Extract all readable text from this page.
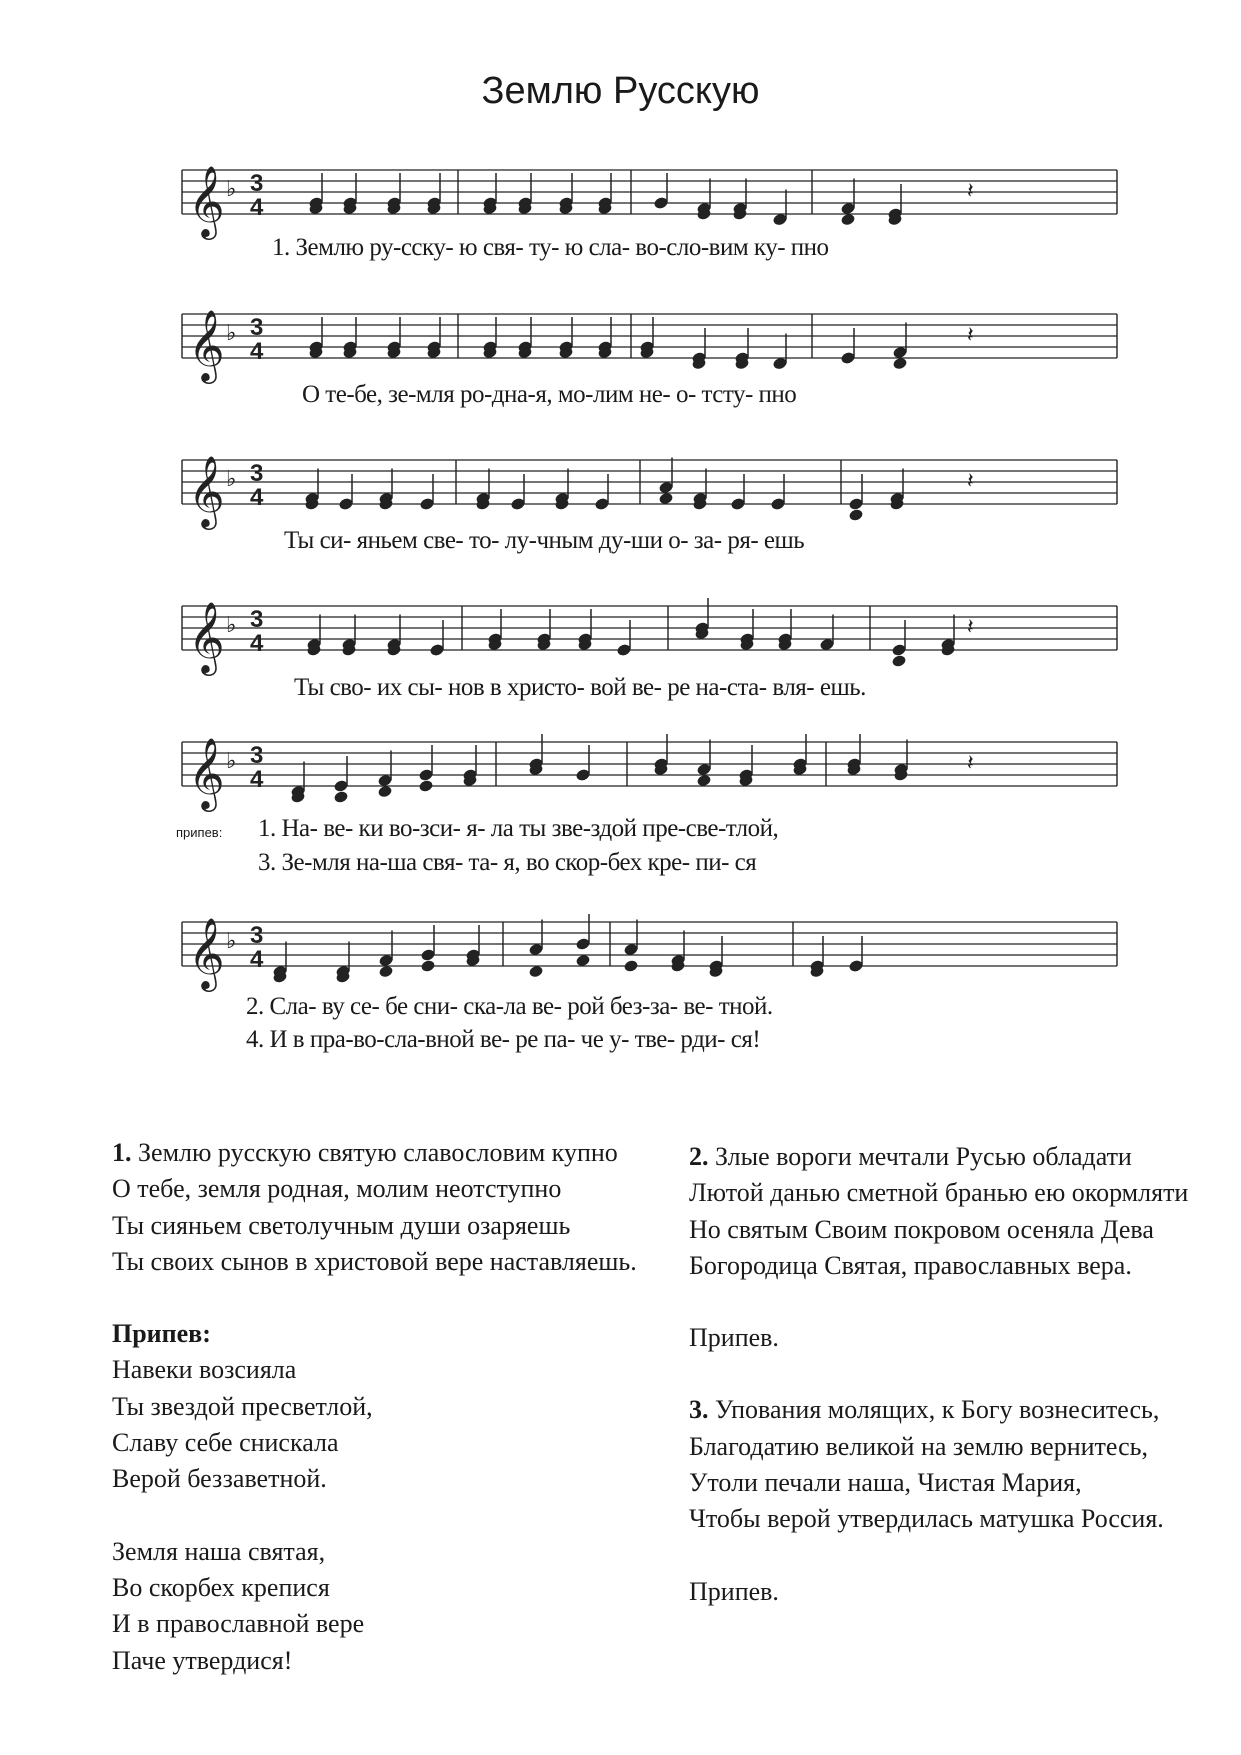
Землю Русскую
𝄞 ♭ 3
4
𝄽
1. Землю ру-сску- ю свя- ту- ю сла- во-сло-вим ку- пно
𝄞 ♭ 3
4
𝄽
О те-бе, зе-мля ро-дна-я, мо-лим не- о- тсту- пно
𝄞 ♭ 3
4
𝄽
Ты си- яньем све- то- лу-чным ду-ши о- за- ря- ешь
𝄞 ♭ 3
4
𝄽
Ты сво- их сы- нов в христо- вой ве- ре на-ста- вля- ешь.
𝄞 ♭ 3
4
𝄽
припев: 1. На- ве- ки во-зси- я- ла ты зве-здой пре-све-тлой,
3. Зе-мля на-ша свя- та- я, во скор-бех кре- пи- ся
𝄞 ♭ 3
4
2. Сла- ву се- бе сни- ска-ла ве- рой без-за- ве- тной.
4. И в пра-во-сла-вной ве- ре па- че у- тве- рди- ся!
1. Землю русскую святую славословим купно
О тебе, земля родная, молим неотступно
Ты сияньем светолучным души озаряешь
Ты своих сынов в христовой вере наставляешь.
Припев:
Навеки возсияла
Ты звездой пресветлой,
Славу себе снискала
Верой беззаветной.
Земля наша святая,
Во скорбех крепися
И в православной вере
Паче утвердися!
2. Злые вороги мечтали Русью обладати
Лютой данью сметной бранью ею окормляти
Но святым Своим покровом осеняла Дева
Богородица Святая, православных вера.
Припев.
3. Упования молящих, к Богу вознеситесь,
Благодатию великой на землю вернитесь,
Утоли печали наша, Чистая Мария,
Чтобы верой утвердилась матушка Россия.
Припев.
